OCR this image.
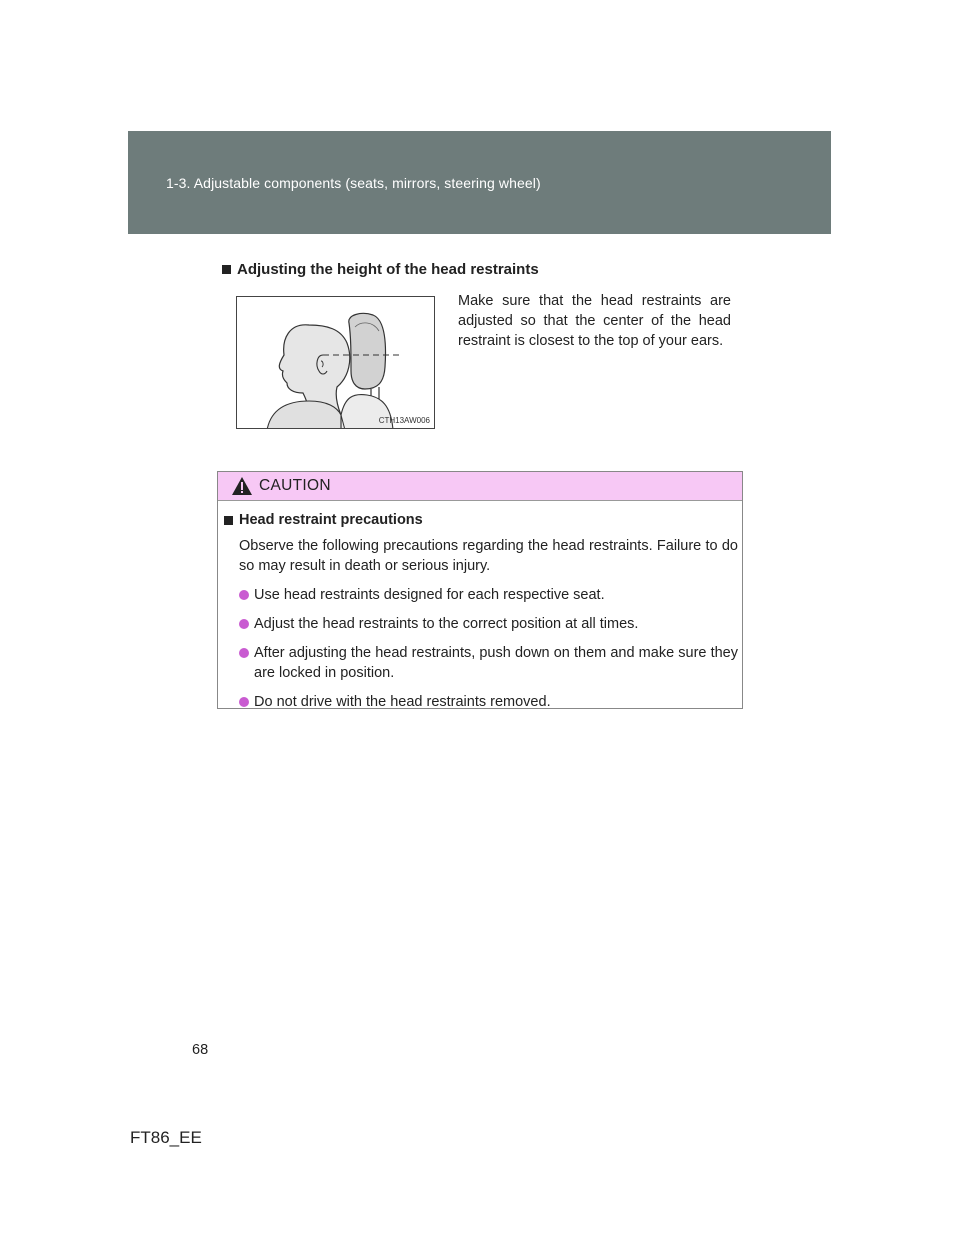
1-3. Adjustable components (seats, mirrors, steering wheel)
Adjusting the height of the head restraints
CTH13AW006
Make sure that the head restraints are adjusted so that the center of the head restraint is closest to the top of your ears.
CAUTION
Head restraint precautions
Observe the following precautions regarding the head restraints. Failure to do so may result in death or serious injury.
Use head restraints designed for each respective seat.
Adjust the head restraints to the correct position at all times.
After adjusting the head restraints, push down on them and make sure they are locked in position.
Do not drive with the head restraints removed.
68
FT86_EE
